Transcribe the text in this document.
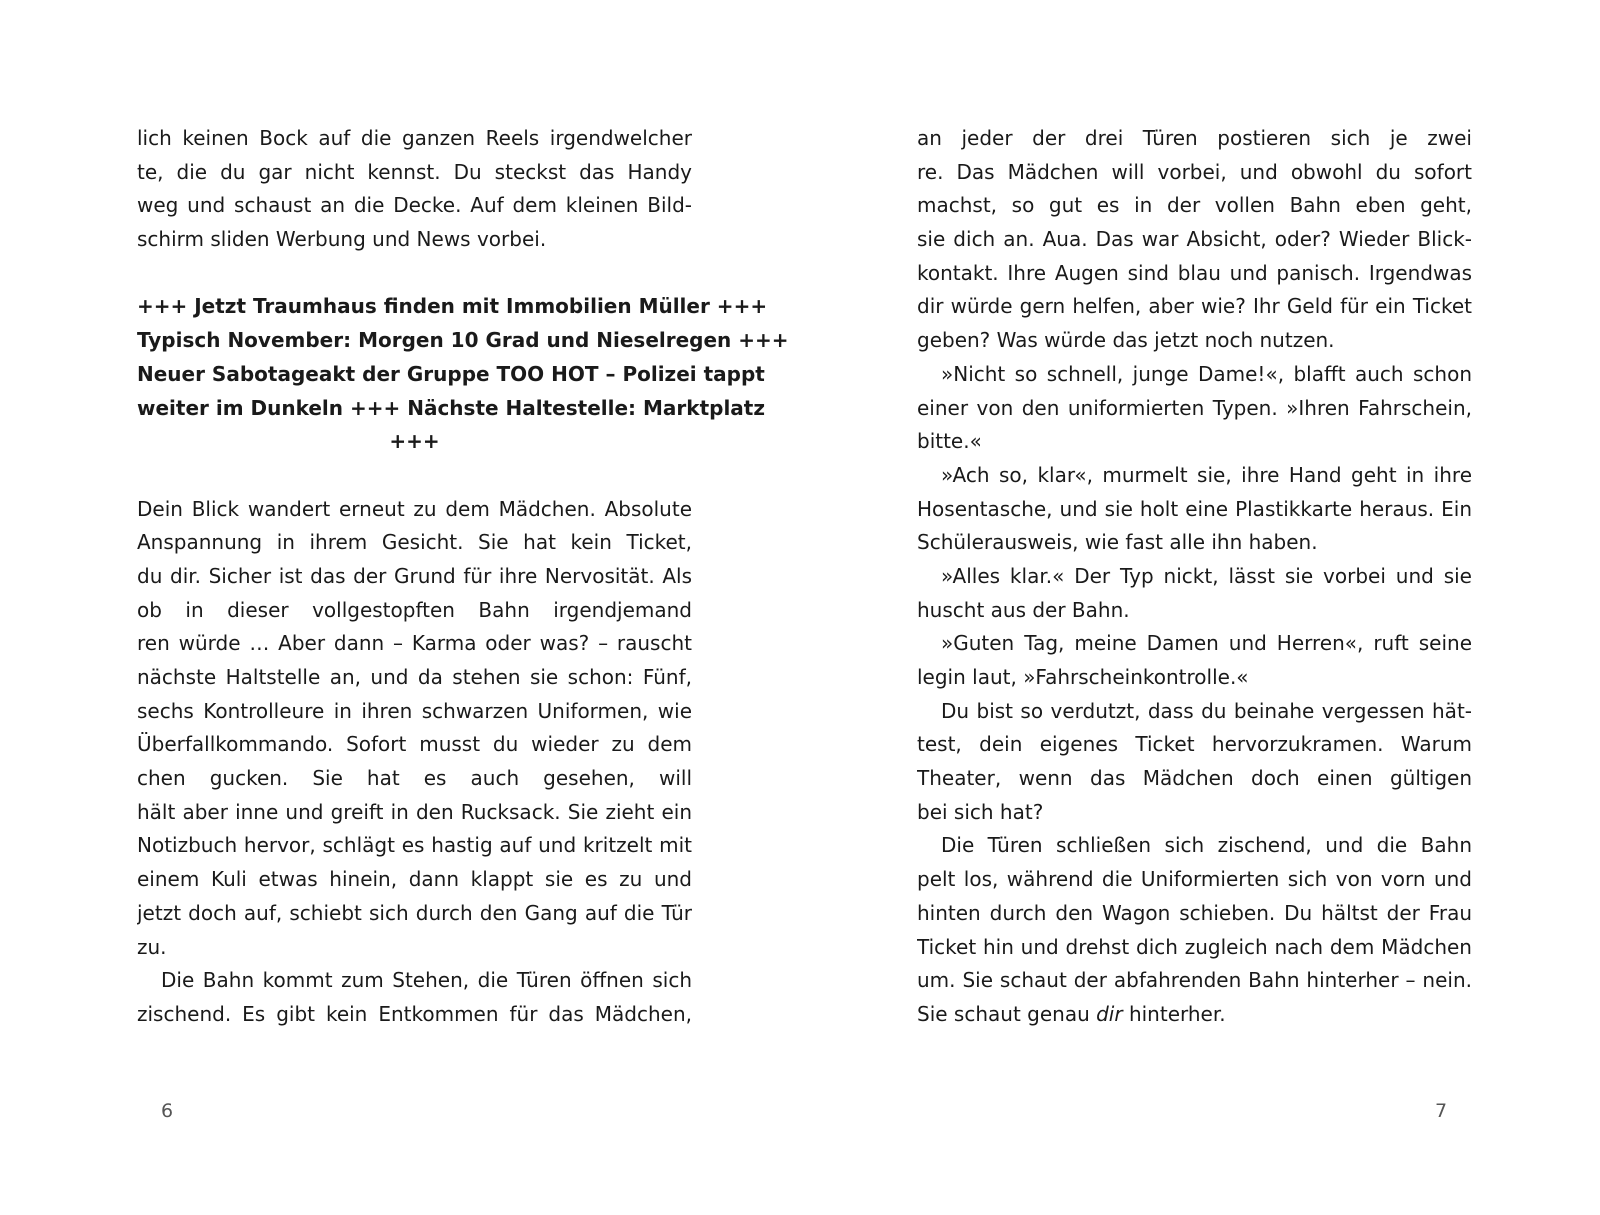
lich keinen Bock auf die ganzen Reels irgendwelcher
te, die du gar nicht kennst. Du steckst das Handy
weg und schaust an die Decke. Auf dem kleinen Bild-
schirm sliden Werbung und News vorbei.
+++ Jetzt Traumhaus finden mit Immobilien Müller +++
Typisch November: Morgen 10 Grad und Nieselregen +++
Neuer Sabotageakt der Gruppe TOO HOT – Polizei tappt
weiter im Dunkeln +++ Nächste Haltestelle: Marktplatz
+++
Dein Blick wandert erneut zu dem Mädchen. Absolute
Anspannung in ihrem Gesicht. Sie hat kein Ticket,
du dir. Sicher ist das der Grund für ihre Nervosität. Als
ob in dieser vollgestopften Bahn irgendjemand
ren würde … Aber dann – Karma oder was? – rauscht
nächste Haltstelle an, und da stehen sie schon: Fünf,
sechs Kontrolleure in ihren schwarzen Uniformen, wie
Überfallkommando. Sofort musst du wieder zu dem
chen gucken. Sie hat es auch gesehen, will
hält aber inne und greift in den Rucksack. Sie zieht ein
Notizbuch hervor, schlägt es hastig auf und kritzelt mit
einem Kuli etwas hinein, dann klappt sie es zu und
jetzt doch auf, schiebt sich durch den Gang auf die Tür
zu.
Die Bahn kommt zum Stehen, die Türen öffnen sich
zischend. Es gibt kein Entkommen für das Mädchen,
an jeder der drei Türen postieren sich je zwei
re. Das Mädchen will vorbei, und obwohl du sofort
machst, so gut es in der vollen Bahn eben geht,
sie dich an. Aua. Das war Absicht, oder? Wieder Blick-
kontakt. Ihre Augen sind blau und panisch. Irgendwas
dir würde gern helfen, aber wie? Ihr Geld für ein Ticket
geben? Was würde das jetzt noch nutzen.
»Nicht so schnell, junge Dame!«, blafft auch schon
einer von den uniformierten Typen. »Ihren Fahrschein,
bitte.«
»Ach so, klar«, murmelt sie, ihre Hand geht in ihre
Hosentasche, und sie holt eine Plastikkarte heraus. Ein
Schülerausweis, wie fast alle ihn haben.
»Alles klar.« Der Typ nickt, lässt sie vorbei und sie
huscht aus der Bahn.
»Guten Tag, meine Damen und Herren«, ruft seine
legin laut, »Fahrscheinkontrolle.«
Du bist so verdutzt, dass du beinahe vergessen hät-
test, dein eigenes Ticket hervorzukramen. Warum
Theater, wenn das Mädchen doch einen gültigen
bei sich hat?
Die Türen schließen sich zischend, und die Bahn
pelt los, während die Uniformierten sich von vorn und
hinten durch den Wagon schieben. Du hältst der Frau
Ticket hin und drehst dich zugleich nach dem Mädchen
um. Sie schaut der abfahrenden Bahn hinterher – nein.
Sie schaut genau dir hinterher.
6	7
